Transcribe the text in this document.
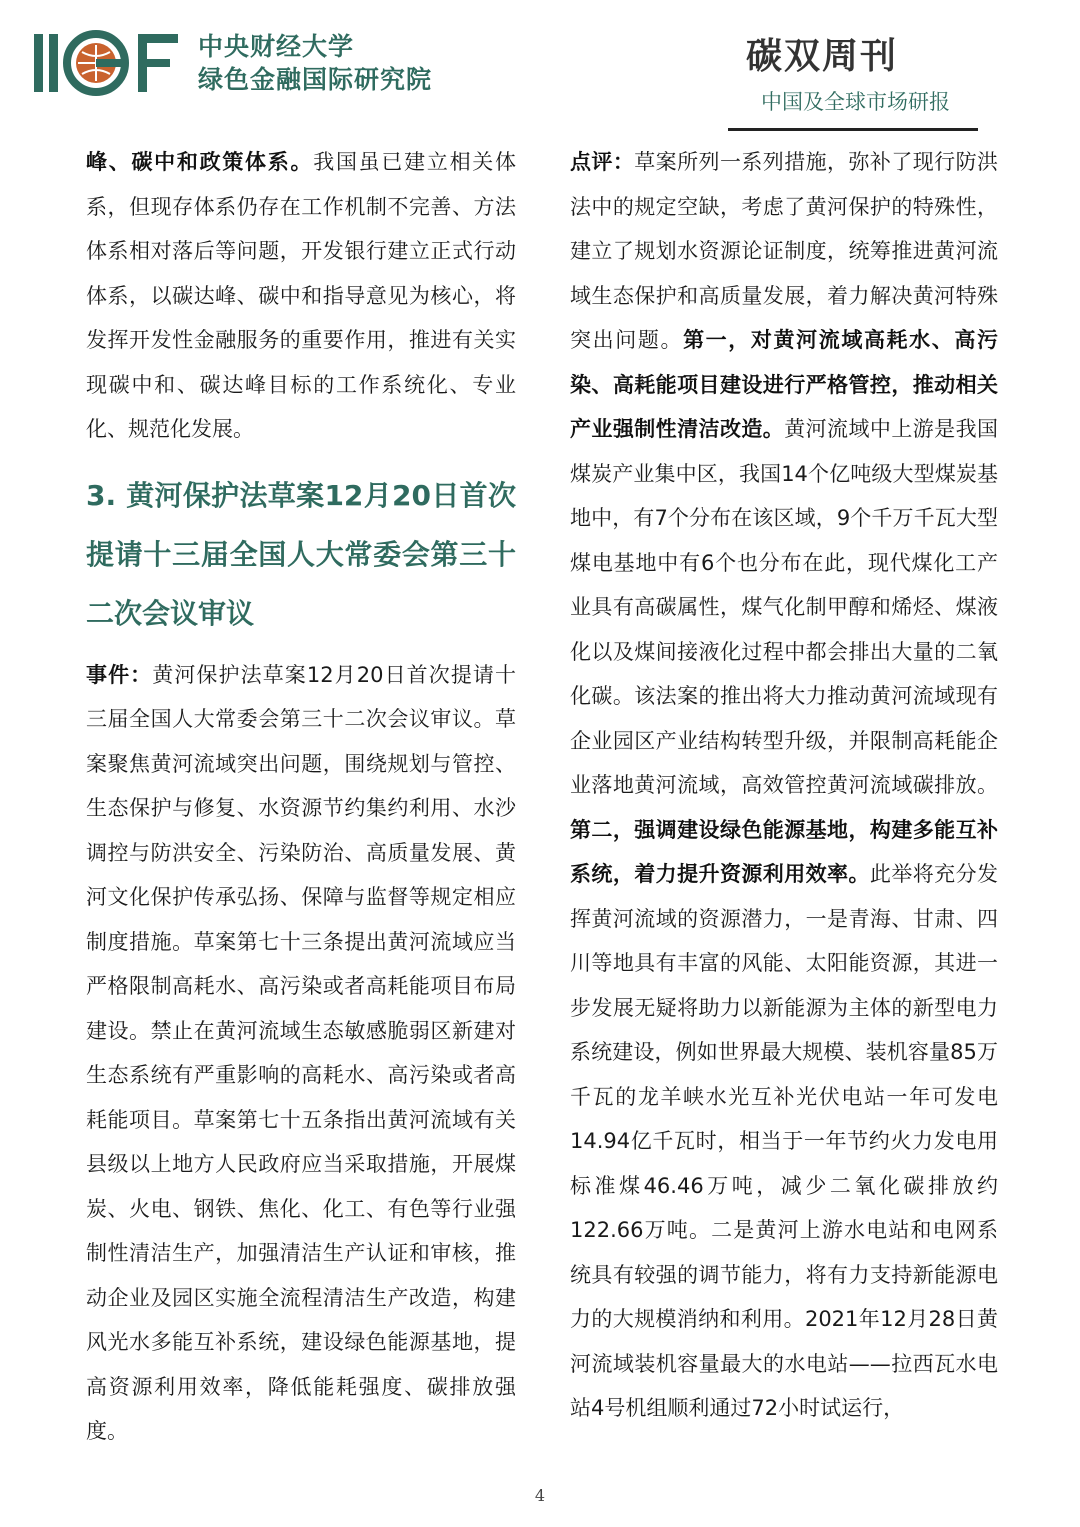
中央财经大学
绿色金融国际研究院
碳双周刊
中国及全球市场研报

峰、碳中和政策体系。我国虽已建立相关体系，但现存体系仍存在工作机制不完善、方法体系相对落后等问题，开发银行建立正式行动体系，以碳达峰、碳中和指导意见为核心，将发挥开发性金融服务的重要作用，推进有关实现碳中和、碳达峰目标的工作系统化、专业化、规范化发展。

3. 黄河保护法草案12月20日首次提请十三届全国人大常委会第三十二次会议审议

事件：黄河保护法草案12月20日首次提请十三届全国人大常委会第三十二次会议审议。草案聚焦黄河流域突出问题，围绕规划与管控、生态保护与修复、水资源节约集约利用、水沙调控与防洪安全、污染防治、高质量发展、黄河文化保护传承弘扬、保障与监督等规定相应制度措施。草案第七十三条提出黄河流域应当严格限制高耗水、高污染或者高耗能项目布局建设。禁止在黄河流域生态敏感脆弱区新建对生态系统有严重影响的高耗水、高污染或者高耗能项目。草案第七十五条指出黄河流域有关县级以上地方人民政府应当采取措施，开展煤炭、火电、钢铁、焦化、化工、有色等行业强制性清洁生产，加强清洁生产认证和审核，推动企业及园区实施全流程清洁生产改造，构建风光水多能互补系统，建设绿色能源基地，提高资源利用效率，降低能耗强度、碳排放强度。

点评：草案所列一系列措施，弥补了现行防洪法中的规定空缺，考虑了黄河保护的特殊性，建立了规划水资源论证制度，统筹推进黄河流域生态保护和高质量发展，着力解决黄河特殊突出问题。第一，对黄河流域高耗水、高污染、高耗能项目建设进行严格管控，推动相关产业强制性清洁改造。黄河流域中上游是我国煤炭产业集中区，我国14个亿吨级大型煤炭基地中，有7个分布在该区域，9个千万千瓦大型煤电基地中有6个也分布在此，现代煤化工产业具有高碳属性，煤气化制甲醇和烯烃、煤液化以及煤间接液化过程中都会排出大量的二氧化碳。该法案的推出将大力推动黄河流域现有企业园区产业结构转型升级，并限制高耗能企业落地黄河流域，高效管控黄河流域碳排放。第二，强调建设绿色能源基地，构建多能互补系统，着力提升资源利用效率。此举将充分发挥黄河流域的资源潜力，一是青海、甘肃、四川等地具有丰富的风能、太阳能资源，其进一步发展无疑将助力以新能源为主体的新型电力系统建设，例如世界最大规模、装机容量85万千瓦的龙羊峡水光互补光伏电站一年可发电14.94亿千瓦时，相当于一年节约火力发电用标准煤46.46万吨，减少二氧化碳排放约122.66万吨。二是黄河上游水电站和电网系统具有较强的调节能力，将有力支持新能源电力的大规模消纳和利用。2021年12月28日黄河流域装机容量最大的水电站——拉西瓦水电站4号机组顺利通过72小时试运行，

4
